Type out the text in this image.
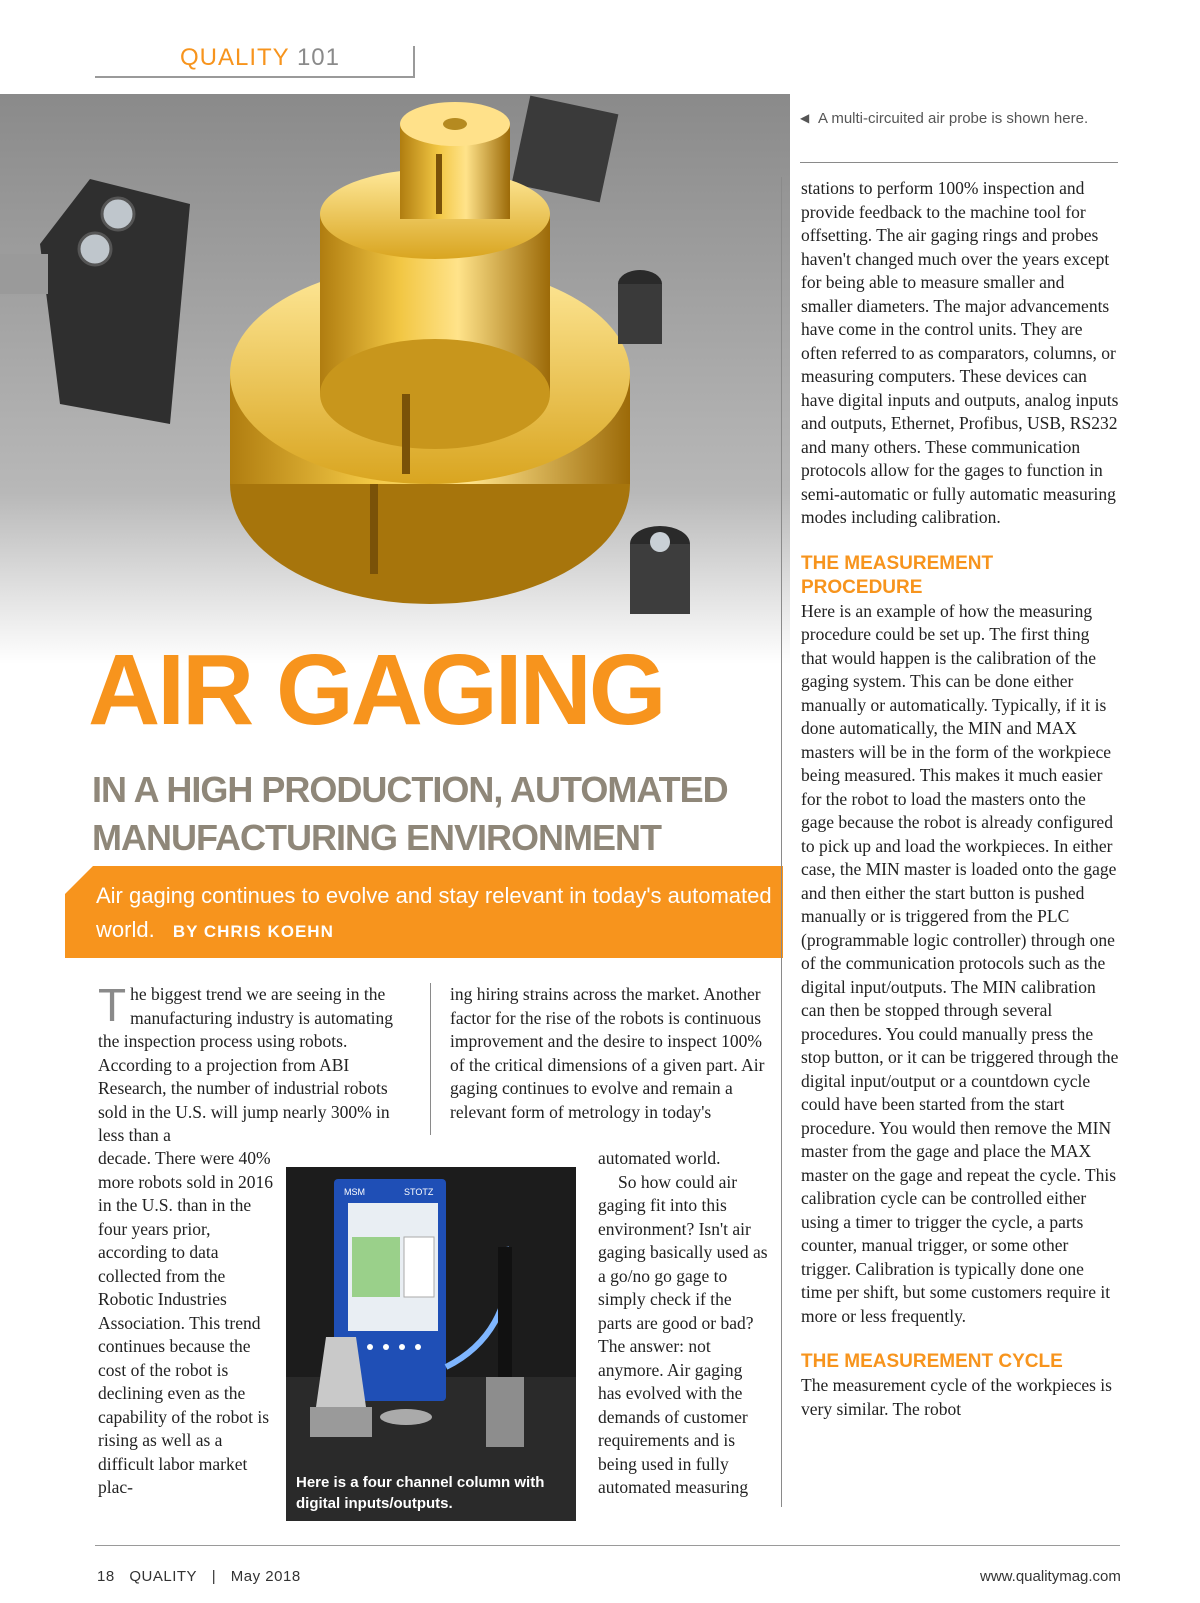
QUALITY 101
◀ A multi-circuited air probe is shown here.
AIR GAGING
IN A HIGH PRODUCTION, AUTOMATED MANUFACTURING ENVIRONMENT
Air gaging continues to evolve and stay relevant in today's automated world. BY CHRIS KOEHN

The biggest trend we are seeing in the manufacturing industry is automating the inspection process using robots. According to a projection from ABI Research, the number of industrial robots sold in the U.S. will jump nearly 300% in less than a

decade. There were 40% more robots sold in 2016 in the U.S. than in the four years prior, according to data collected from the Robotic Industries Association. This trend continues because the cost of the robot is declining even as the capability of the robot is rising as well as a difficult labor market plac-

ing hiring strains across the market. Another factor for the rise of the robots is continuous improvement and the desire to inspect 100% of the critical dimensions of a given part. Air gaging continues to evolve and remain a relevant form of metrology in today's

automated world.

So how could air gaging fit into this environment? Isn't air gaging basically used as a go/no go gage to simply check if the parts are good or bad? The answer: not anymore. Air gaging has evolved with the demands of customer requirements and is being used in fully automated measuring

MSM	STOTZ
Here is a four channel column with digital inputs/outputs.

stations to perform 100% inspection and provide feedback to the machine tool for offsetting. The air gaging rings and probes haven't changed much over the years except for being able to measure smaller and smaller diameters. The major advancements have come in the control units. They are often referred to as comparators, columns, or measuring computers. These devices can have digital inputs and outputs, analog inputs and outputs, Ethernet, Profibus, USB, RS232 and many others. These communication protocols allow for the gages to function in semi-automatic or fully automatic measuring modes including calibration.

THE MEASUREMENT PROCEDURE

Here is an example of how the measuring procedure could be set up. The first thing that would happen is the calibration of the gaging system. This can be done either manually or automatically. Typically, if it is done automatically, the MIN and MAX masters will be in the form of the workpiece being measured. This makes it much easier for the robot to load the masters onto the gage because the robot is already configured to pick up and load the workpieces. In either case, the MIN master is loaded onto the gage and then either the start button is pushed manually or is triggered from the PLC (programmable logic controller) through one of the communication protocols such as the digital input/outputs. The MIN calibration can then be stopped through several procedures. You could manually press the stop button, or it can be triggered through the digital input/output or a countdown cycle could have been started from the start procedure. You would then remove the MIN master from the gage and place the MAX master on the gage and repeat the cycle. This calibration cycle can be controlled either using a timer to trigger the cycle, a parts counter, manual trigger, or some other trigger. Calibration is typically done one time per shift, but some customers require it more or less frequently.

THE MEASUREMENT CYCLE

The measurement cycle of the workpieces is very similar. The robot

18 QUALITY | May 2018	www.qualitymag.com
